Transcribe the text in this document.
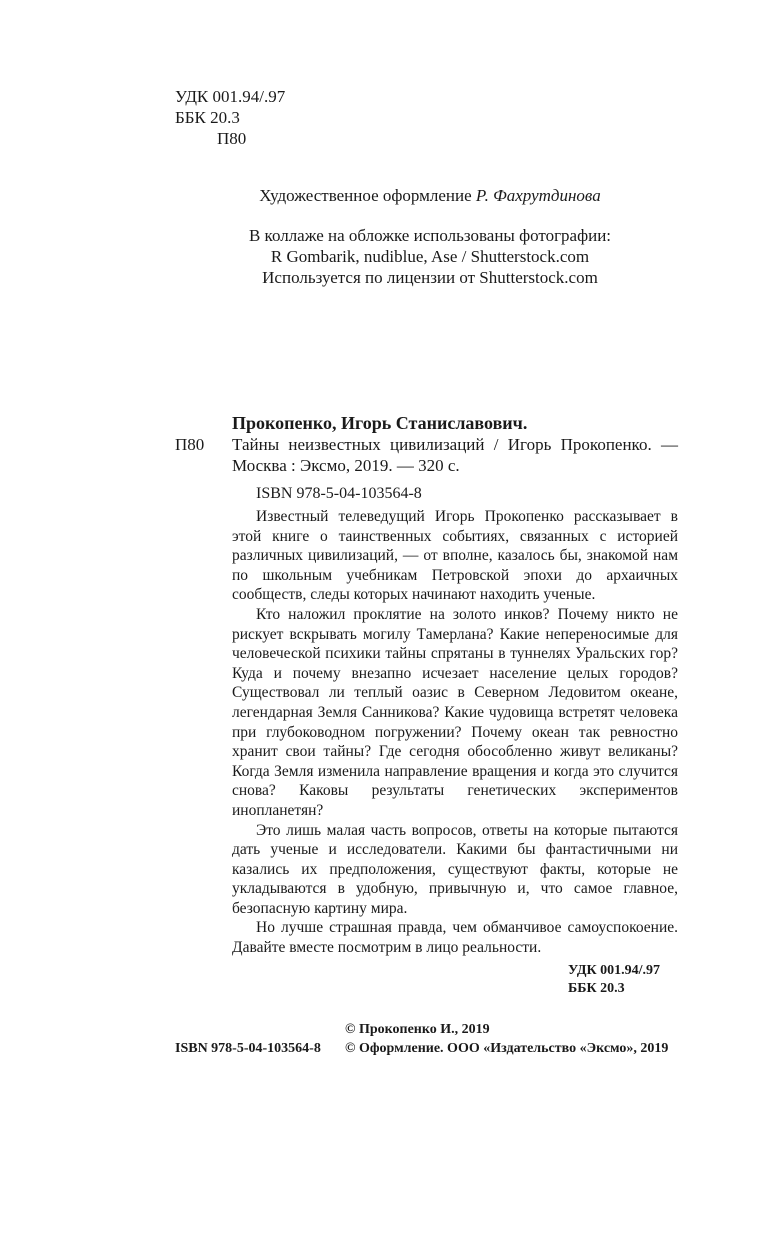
УДК 001.94/.97
ББК 20.3
П80
Художественное оформление Р. Фахрутдинова
В коллаже на обложке использованы фотографии:
R Gombarik, nudiblue, Ase / Shutterstock.com
Используется по лицензии от Shutterstock.com
П80
Прокопенко, Игорь Станиславович.
Тайны неизвестных цивилизаций / Игорь Прокопенко. — Москва : Эксмо, 2019. — 320 с.
ISBN 978-5-04-103564-8

Известный телеведущий Игорь Прокопенко рассказывает в этой книге о таинственных событиях, связанных с историей различных цивилизаций, — от вполне, казалось бы, знакомой нам по школьным учебникам Петровской эпохи до архаичных сообществ, следы которых начинают находить ученые.

Кто наложил проклятие на золото инков? Почему никто не рискует вскрывать могилу Тамерлана? Какие непереносимые для человеческой психики тайны спрятаны в туннелях Уральских гор? Куда и почему внезапно исчезает население целых городов? Существовал ли теплый оазис в Северном Ледовитом океане, легендарная Земля Санникова? Какие чудовища встретят человека при глубоководном погружении? Почему океан так ревностно хранит свои тайны? Где сегодня обособленно живут великаны? Когда Земля изменила направление вращения и когда это случится снова? Каковы результаты генетических экспериментов инопланетян?

Это лишь малая часть вопросов, ответы на которые пытаются дать ученые и исследователи. Какими бы фантастичными ни казались их предположения, существуют факты, которые не укладываются в удобную, привычную и, что самое главное, безопасную картину мира.

Но лучше страшная правда, чем обманчивое самоуспокоение. Давайте вместе посмотрим в лицо реальности.

УДК 001.94/.97
ББК 20.3
© Прокопенко И., 2019
ISBN 978-5-04-103564-8	© Оформление. ООО «Издательство «Эксмо», 2019
